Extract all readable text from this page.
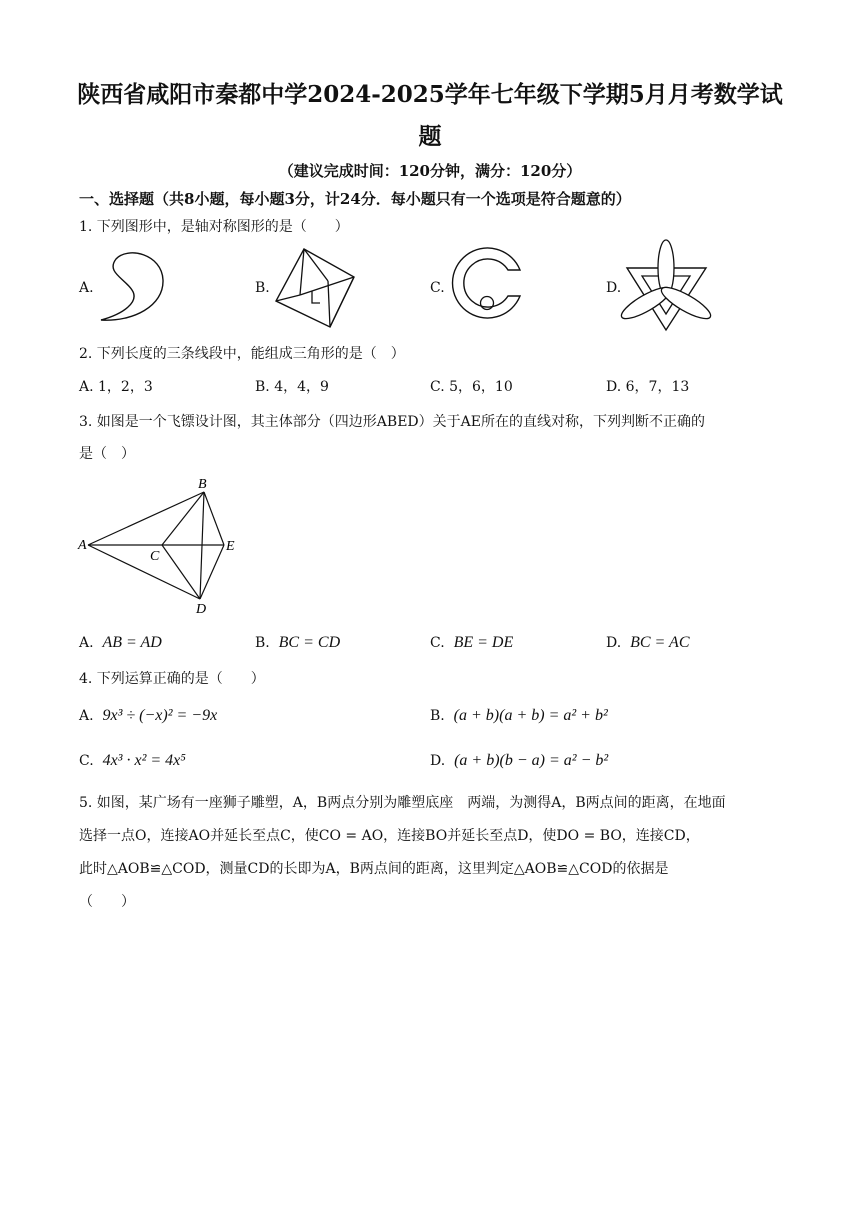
陕西省咸阳市秦都中学2024-2025学年七年级下学期5月月考数学试
题
（建议完成时间：120分钟，满分：120分）
一、选择题（共8小题，每小题3分，计24分．每小题只有一个选项是符合题意的）
1. 下列图形中，是轴对称图形的是（　　）
A.	B.	C.	D.
2. 下列长度的三条线段中，能组成三角形的是（　）
A. 1，2，3	B. 4，4，9	C. 5，6，10	D. 6，7，13
3. 如图是一个飞镖设计图，其主体部分（四边形ABED）关于AE所在的直线对称，下列判断不正确的
是（　）
A
B
C
D
E
A. AB = AD	B. BC = CD	C. BE = DE	D. BC = AC
4. 下列运算正确的是（　　）
A. 9x³ ÷ (−x)² = −9x	B. (a + b)(a + b) = a² + b²
C. 4x³ · x² = 4x⁵	D. (a + b)(b − a) = a² − b²
5. 如图，某广场有一座狮子雕塑，A，B两点分别为雕塑底座　两端，为测得A，B两点间的距离，在地面
选择一点O，连接AO并延长至点C，使CO = AO，连接BO并延长至点D，使DO = BO，连接CD，
此时△AOB≌△COD，测量CD的长即为A，B两点间的距离，这里判定△AOB≌△COD的依据是
（　　）
